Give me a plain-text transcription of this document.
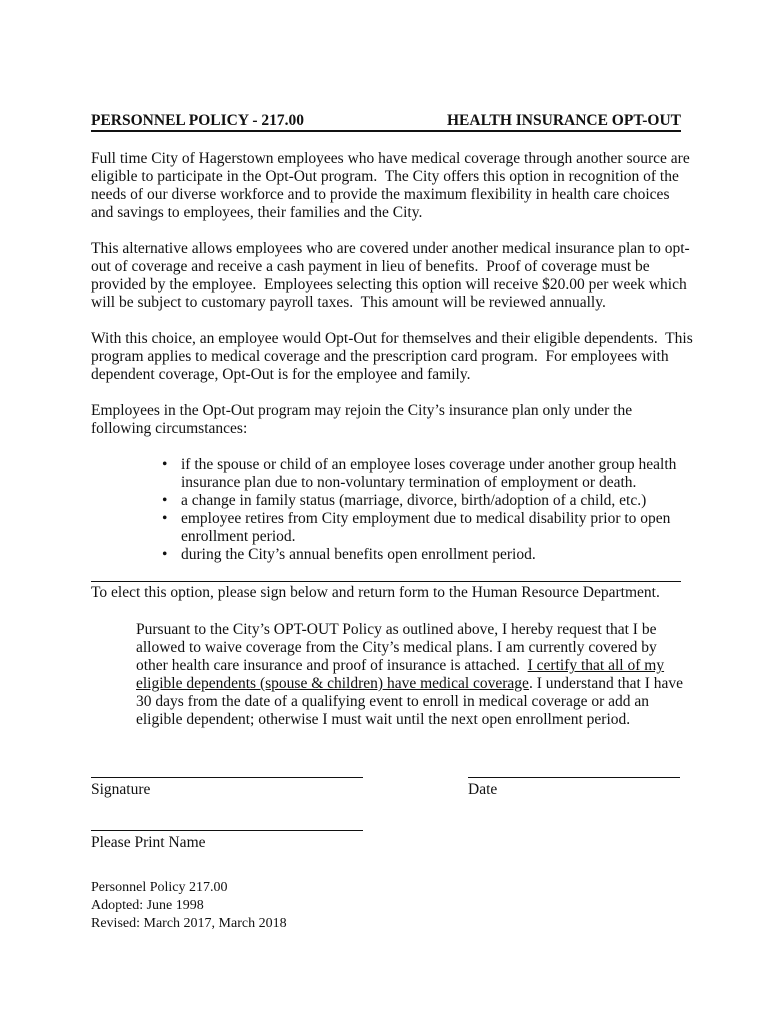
PERSONNEL POLICY - 217.00	HEALTH INSURANCE OPT-OUT
Full time City of Hagerstown employees who have medical coverage through another source are
eligible to participate in the Opt-Out program.  The City offers this option in recognition of the
needs of our diverse workforce and to provide the maximum flexibility in health care choices
and savings to employees, their families and the City.
This alternative allows employees who are covered under another medical insurance plan to opt-
out of coverage and receive a cash payment in lieu of benefits.  Proof of coverage must be
provided by the employee.  Employees selecting this option will receive $20.00 per week which
will be subject to customary payroll taxes.  This amount will be reviewed annually.
With this choice, an employee would Opt-Out for themselves and their eligible dependents.  This
program applies to medical coverage and the prescription card program.  For employees with
dependent coverage, Opt-Out is for the employee and family.
Employees in the Opt-Out program may rejoin the City’s insurance plan only under the
following circumstances:
• if the spouse or child of an employee loses coverage under another group health
insurance plan due to non-voluntary termination of employment or death.
• a change in family status (marriage, divorce, birth/adoption of a child, etc.)
• employee retires from City employment due to medical disability prior to open
enrollment period.
• during the City’s annual benefits open enrollment period.
To elect this option, please sign below and return form to the Human Resource Department.
Pursuant to the City’s OPT-OUT Policy as outlined above, I hereby request that I be
allowed to waive coverage from the City’s medical plans. I am currently covered by
other health care insurance and proof of insurance is attached.  I certify that all of my
eligible dependents (spouse & children) have medical coverage. I understand that I have
30 days from the date of a qualifying event to enroll in medical coverage or add an
eligible dependent; otherwise I must wait until the next open enrollment period.
Signature	Date
Please Print Name
Personnel Policy 217.00
Adopted: June 1998
Revised: March 2017, March 2018
